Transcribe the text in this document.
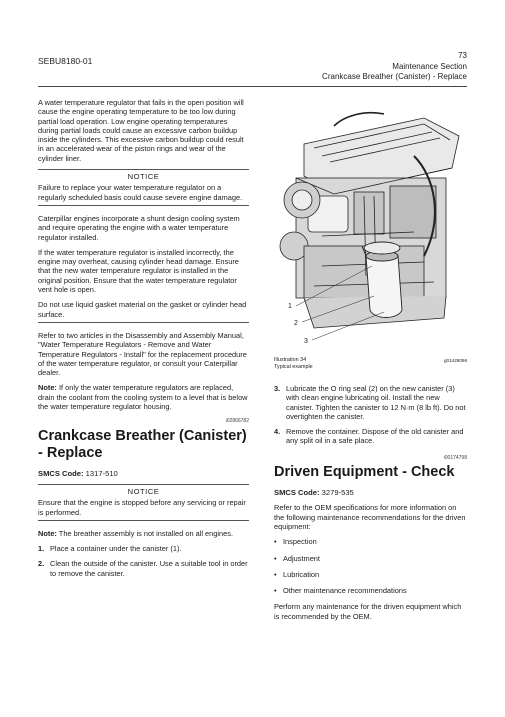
SEBU8180-01
73
Maintenance Section
Crankcase Breather (Canister) - Replace

A water temperature regulator that fails in the open position will cause the engine operating temperature to be too low during partial load operation. Low engine operating temperatures during partial loads could cause an excessive carbon buildup inside the cylinders. This excessive carbon buildup could result in an accelerated wear of the piston rings and wear of the cylinder liner.

NOTICE

Failure to replace your water temperature regulator on a regularly scheduled basis could cause severe engine damage.

Caterpillar engines incorporate a shunt design cooling system and require operating the engine with a water temperature regulator installed.

If the water temperature regulator is installed incorrectly, the engine may overheat, causing cylinder head damage. Ensure that the new water temperature regulator is installed in the original position. Ensure that the water temperature regulator vent hole is open.

Do not use liquid gasket material on the gasket or cylinder head surface.

Refer to two articles in the Disassembly and Assembly Manual, "Water Temperature Regulators - Remove and Water Temperature Regulators - Install" for the replacement procedure of the water temperature regulator, or consult your Caterpillar dealer.

Note: If only the water temperature regulators are replaced, drain the coolant from the cooling system to a level that is below the water temperature regulator housing.

i02866782
Crankcase Breather (Canister) - Replace
SMCS Code: 1317-510
NOTICE

Ensure that the engine is stopped before any servicing or repair is performed.

Note: The breather assembly is not installed on all engines.

1. Place a container under the canister (1).
2. Clean the outside of the canister. Use a suitable tool in order to remove the canister.
1
2
3
Illustration 34
Typical example
g01428096
3. Lubricate the O ring seal (2) on the new canister (3) with clean engine lubricating oil. Install the new canister. Tighten the canister to 12 N·m (8 lb ft). Do not overtighten the canister.
4. Remove the container. Dispose of the old canister and any split oil in a safe place.
i00174798
Driven Equipment - Check
SMCS Code: 3279-535

Refer to the OEM specifications for more information on the following maintenance recommendations for the driven equipment:

• Inspection
• Adjustment
• Lubrication
• Other maintenance recommendations

Perform any maintenance for the driven equipment which is recommended by the OEM.
